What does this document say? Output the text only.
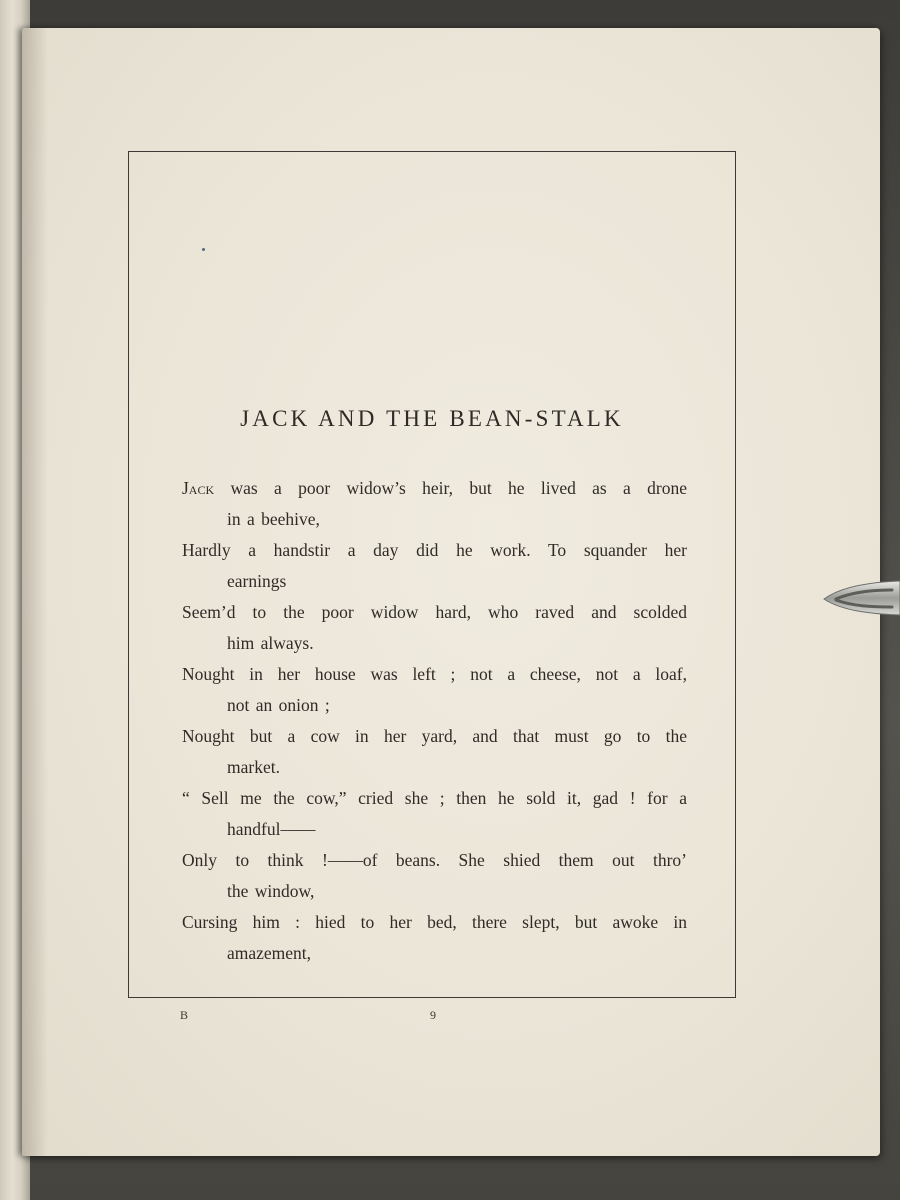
JACK AND THE BEAN-STALK
Jack was a poor widow’s heir, but he lived as a drone
in a beehive,
Hardly a handstir a day did he work. To squander her
earnings
Seem’d to the poor widow hard, who raved and scolded
him always.
Nought in her house was left ; not a cheese, not a loaf,
not an onion ;
Nought but a cow in her yard, and that must go to the
market.
“ Sell me the cow,” cried she ; then he sold it, gad ! for a
handful——
Only to think !——of beans. She shied them out thro’
the window,
Cursing him : hied to her bed, there slept, but awoke in
amazement,
B	9
